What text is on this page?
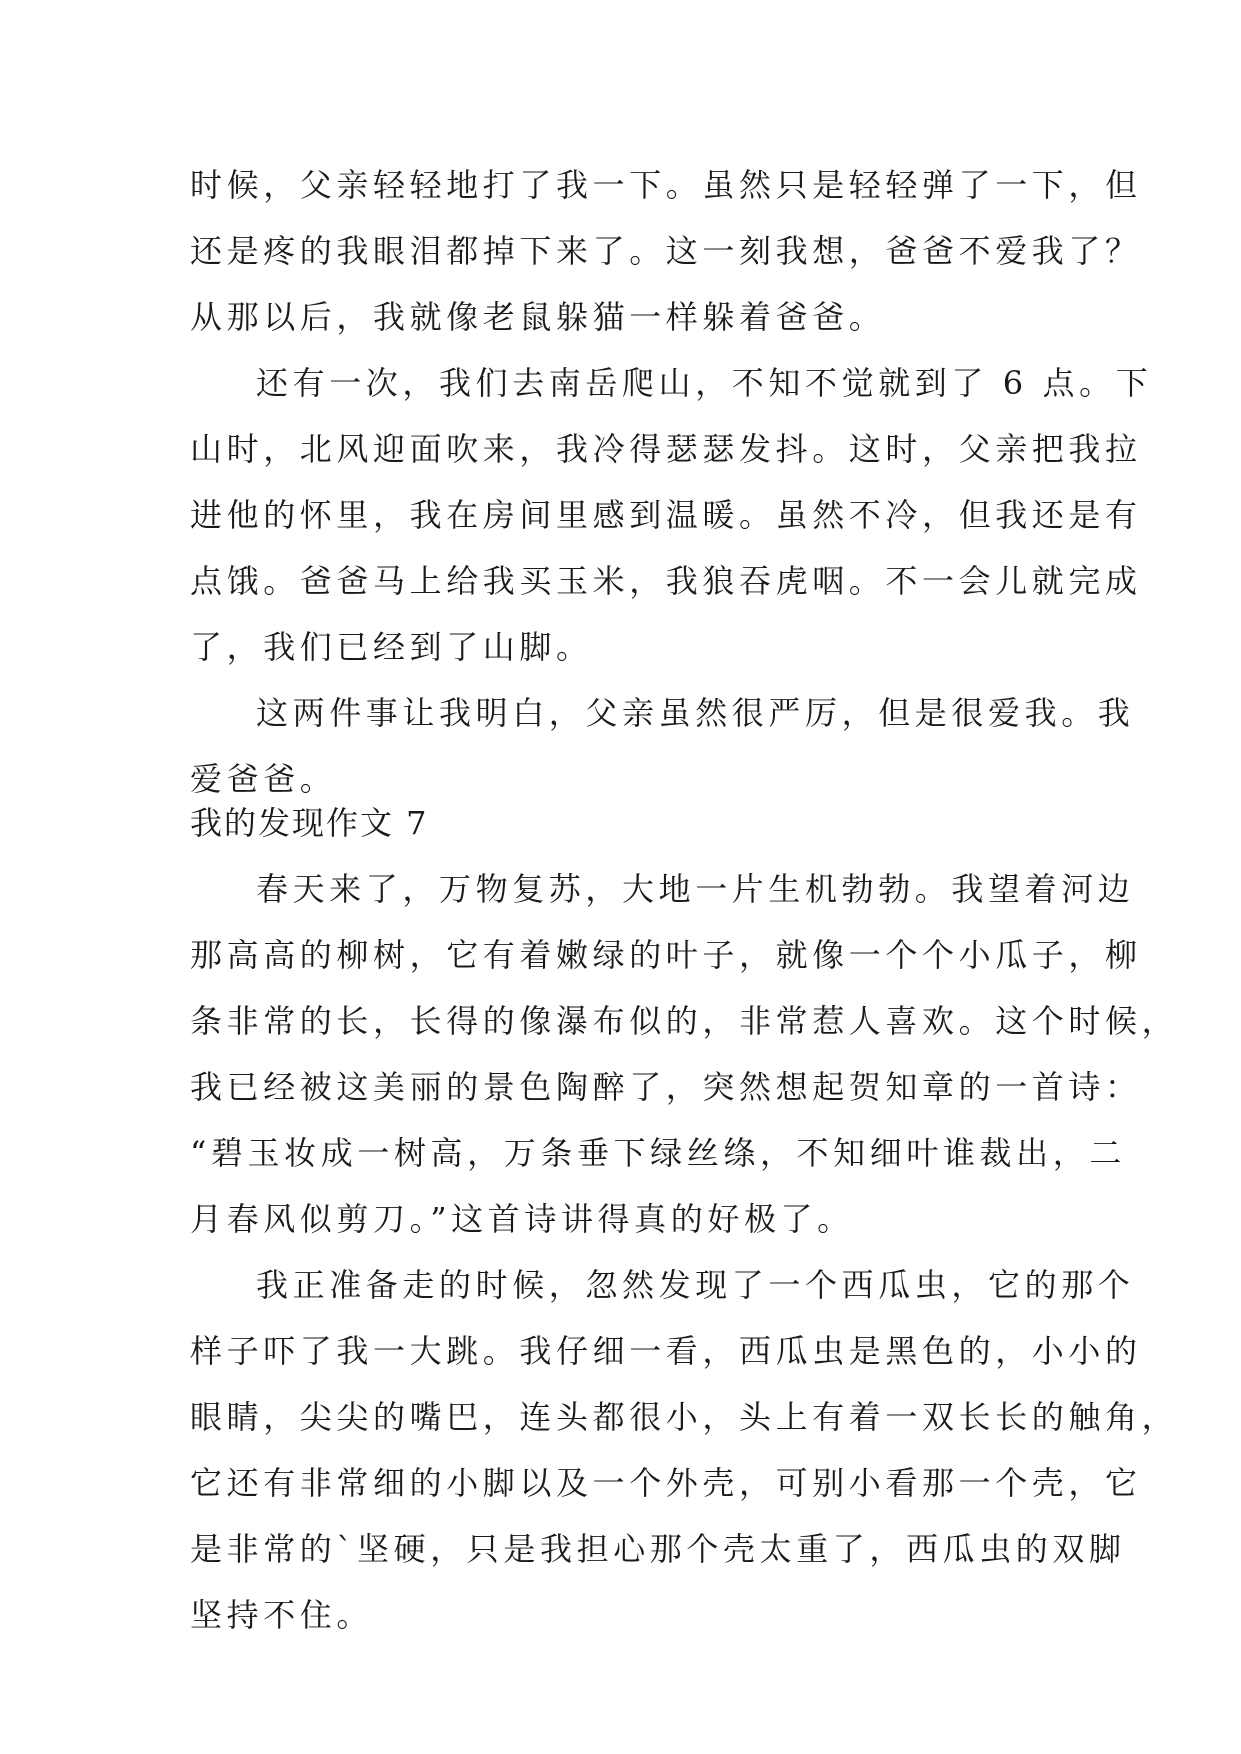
时候，父亲轻轻地打了我一下。虽然只是轻轻弹了一下，但
还是疼的我眼泪都掉下来了。这一刻我想，爸爸不爱我了？
从那以后，我就像老鼠躲猫一样躲着爸爸。
还有一次，我们去南岳爬山，不知不觉就到了 6 点。下
山时，北风迎面吹来，我冷得瑟瑟发抖。这时，父亲把我拉
进他的怀里，我在房间里感到温暖。虽然不冷，但我还是有
点饿。爸爸马上给我买玉米，我狼吞虎咽。不一会儿就完成
了，我们已经到了山脚。
这两件事让我明白，父亲虽然很严厉，但是很爱我。我
爱爸爸。
我的发现作文 7
春天来了，万物复苏，大地一片生机勃勃。我望着河边
那高高的柳树，它有着嫩绿的叶子，就像一个个小瓜子，柳
条非常的长，长得的像瀑布似的，非常惹人喜欢。这个时候，
我已经被这美丽的景色陶醉了，突然想起贺知章的一首诗：
“碧玉妆成一树高，万条垂下绿丝绦，不知细叶谁裁出，二
月春风似剪刀。”这首诗讲得真的好极了。
我正准备走的时候，忽然发现了一个西瓜虫，它的那个
样子吓了我一大跳。我仔细一看，西瓜虫是黑色的，小小的
眼睛，尖尖的嘴巴，连头都很小，头上有着一双长长的触角，
它还有非常细的小脚以及一个外壳，可别小看那一个壳，它
是非常的`坚硬，只是我担心那个壳太重了，西瓜虫的双脚
坚持不住。
